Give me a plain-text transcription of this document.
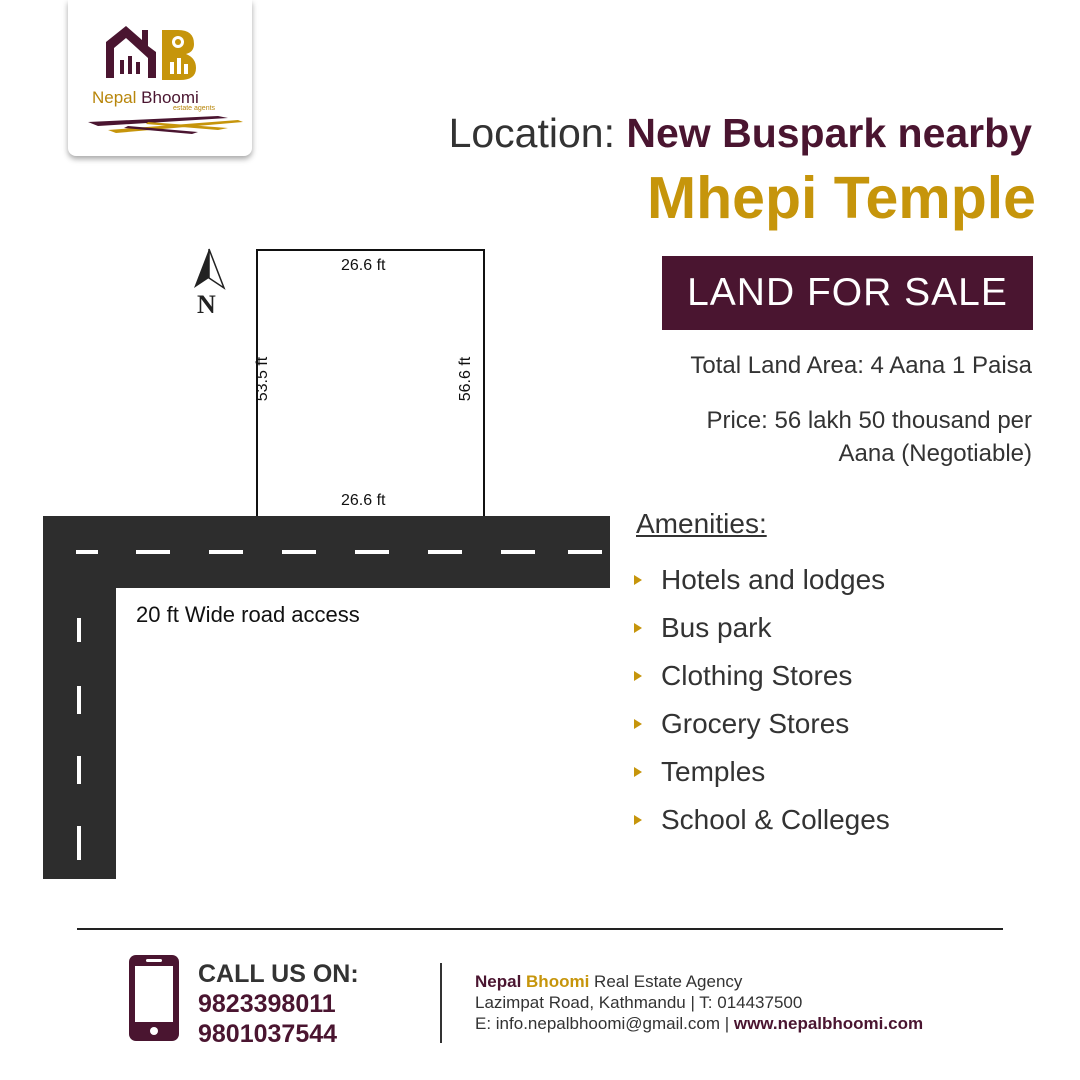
Nepal Bhoomi
estate agents
Location: New Buspark nearby
Mhepi Temple
N
26.6 ft
26.6 ft
53.5 ft	56.6 ft
20 ft Wide road access
LAND FOR SALE
Total Land Area: 4 Aana 1 Paisa
Price: 56 lakh 50 thousand per Aana (Negotiable)
Amenities:
Hotels and lodges
Bus park
Clothing Stores
Grocery Stores
Temples
School & Colleges
CALL US ON:
9823398011
9801037544
Nepal Bhoomi Real Estate Agency
Lazimpat Road, Kathmandu | T: 014437500
E: info.nepalbhoomi@gmail.com | www.nepalbhoomi.com
